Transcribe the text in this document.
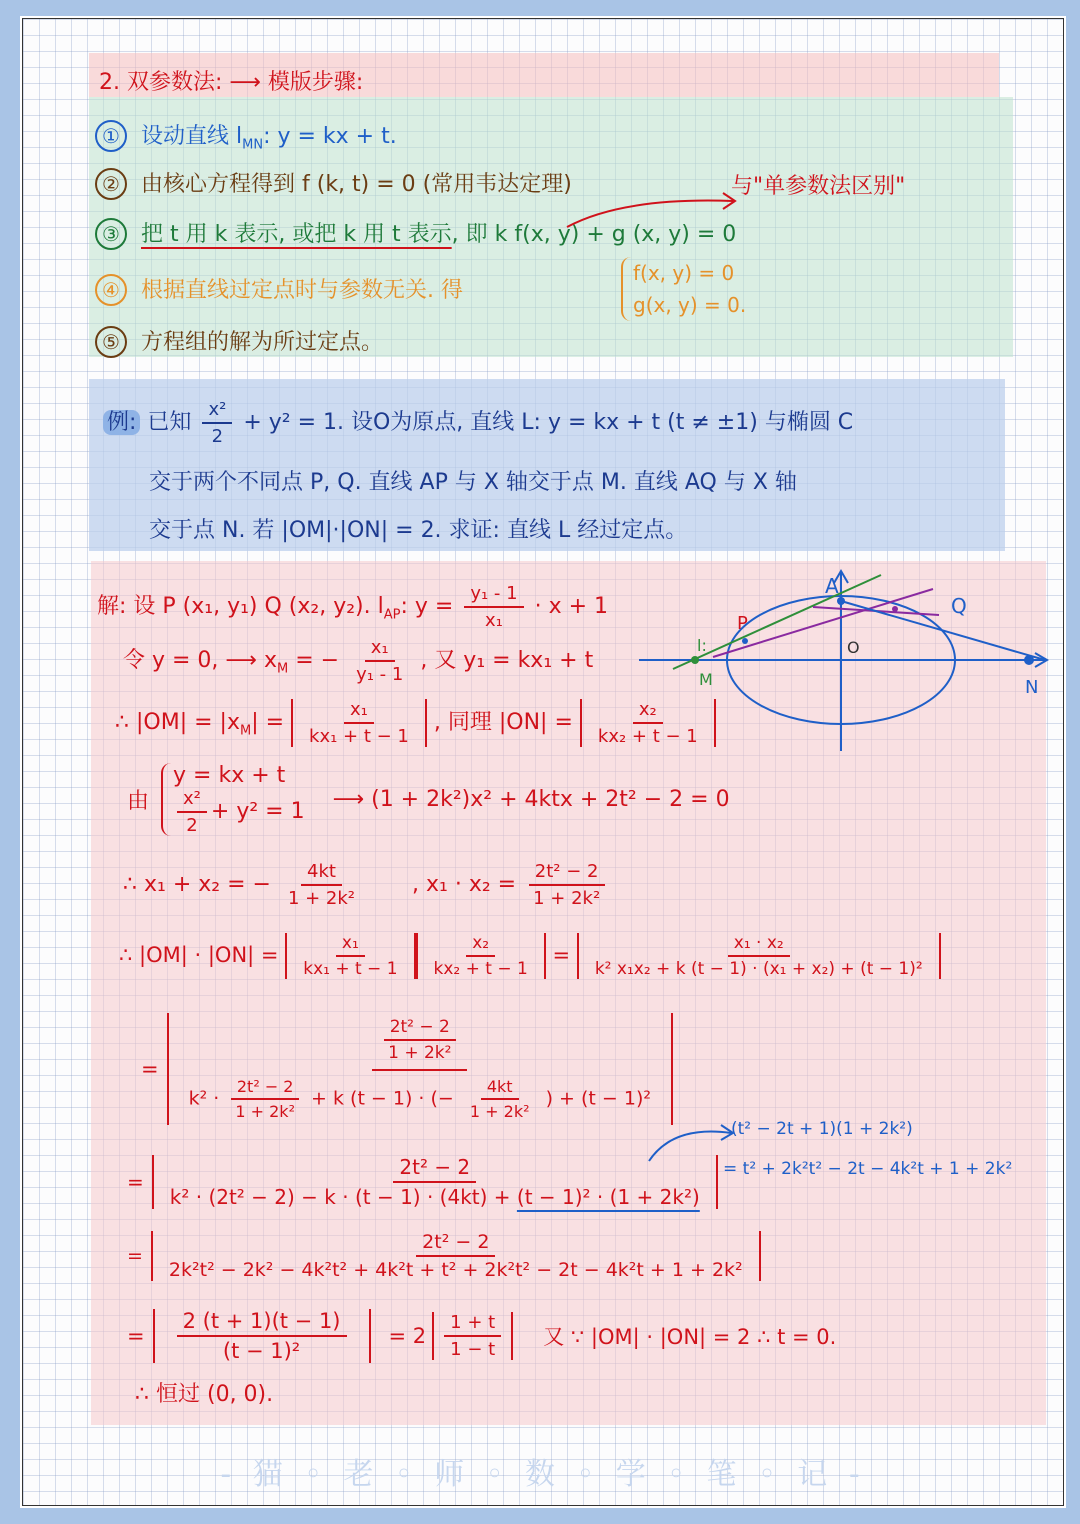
2. 双参数法: ⟶ 模版步骤:
① 设动直线 $l_{MN}$: y = kx + t.
② 由核心方程得到 f (k, t) = 0 (常用韦达定理)	与"单参数法区别"
③ 把 t 用 k 表示, 或把 k 用 t 表示, 即 k f(x, y) + g (x, y) = 0
④ 根据直线过定点时与参数无关. 得
f(x, y) = 0
g(x, y) = 0.
⑤ 方程组的解为所过定点。
例: 已知 $\frac{\text{x²}}{2} + y^2 = 1$. 设O为原点, 直线 L: y = kx + t (t ≠ ±1) 与椭圆 C
交于两个不同点 P, Q. 直线 AP 与 X 轴交于点 M. 直线 AQ 与 X 轴
交于点 N. 若 |OM|·|ON| = 2. 求证: 直线 L 经过定点。
解: 设 P (x₁, y₁) Q (x₂, y₂). $l_{AP}$: $y = \frac{\text{y₁ - 1}}{\text{x₁}} \cdot x + 1$
令 y = 0, ⟶ $x_M$ = − $\frac{\text{x₁}}{\text{y₁ - 1}}$ , 又 y₁ = kx₁ + t
∴ $|OM| = |x_M| = \frac{\text{x₁}}{\text{kx₁ + t − 1}}$ , 同理 $|ON| = \frac{\text{x₂}}{\text{kx₂ + t − 1}}$
由
y = kx + t
$\frac{\text{x²}}{2} + y^2 = 1$ ⟶ (1 + 2k²)x² + 4ktx + 2t² − 2 = 0
∴ x₁ + x₂ = − $\frac{4kt}{\text{1 + 2k²}}$ , $x_1 \cdot x_2 = \frac{\text{2t² − 2}}{\text{1 + 2k²}}$
∴ $|OM| \cdot |ON| = \frac{\text{x₁}}{\text{kx₁ + t − 1}} \frac{\text{x₂}}{\text{kx₂ + t − 1}} = \frac{\text{x₁ · x₂}}{\text{k² x₁x₂ + k (t − 1) · (x₁ + x₂) + (t − 1)²}}$
=
$\frac{\text{2t² − 2}}{\text{1 + 2k²}}$
$k^2 \cdot \frac{\text{2t² − 2}}{\text{1 + 2k²}} + k$ (t − 1) · (− $\frac{4kt}{\text{1 + 2k²}}$ ) + (t − 1)²
= $\frac{\text{2t² − 2}}{\text{k² · (2t² − 2) − k · (t − 1) · (4kt) + (t − 1)² · (1 + 2k²)}}$
(t² − 2t + 1)(1 + 2k²)
= t² + 2k²t² − 2t − 4k²t + 1 + 2k²
=
2t² − 2
2k²t² − 2k² − 4k²t² + 4k²t + t² + 2k²t² − 2t − 4k²t + 1 + 2k²
= $\frac{2 (t + 1)(t - 1)}{\text{(t − 1)²}} = 2 \frac{1 + t}{1 - t}$ 又 ∵ |OM| · |ON| = 2 ∴ t = 0.
∴ 恒过 (0, 0).
A
P
Q
O
M	N
l:
- 猫 ◦ 老 ◦ 师 ◦ 数 ◦ 学 ◦ 笔 ◦ 记 -
